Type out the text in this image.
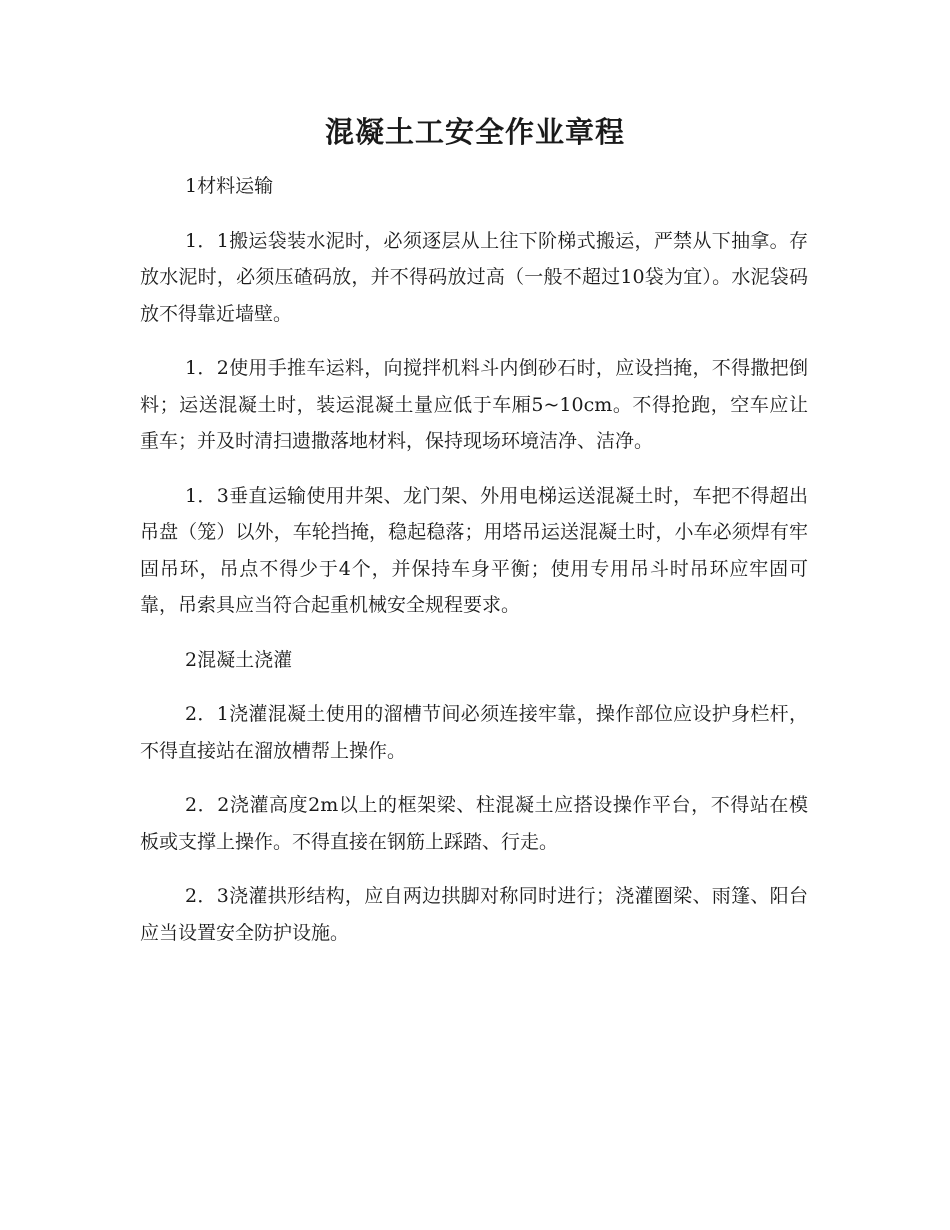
混凝土工安全作业章程

1材料运输

1．1搬运袋装水泥时，必须逐层从上往下阶梯式搬运，严禁从下抽拿。存放水泥时，必须压碴码放，并不得码放过高（一般不超过10袋为宜）。水泥袋码放不得靠近墙壁。

1．2使用手推车运料，向搅拌机料斗内倒砂石时，应设挡掩，不得撒把倒料；运送混凝土时，装运混凝土量应低于车厢5~10cm。不得抢跑，空车应让重车；并及时清扫遗撒落地材料，保持现场环境洁净、洁净。

1．3垂直运输使用井架、龙门架、外用电梯运送混凝土时，车把不得超出吊盘（笼）以外，车轮挡掩，稳起稳落；用塔吊运送混凝土时，小车必须焊有牢固吊环，吊点不得少于4个，并保持车身平衡；使用专用吊斗时吊环应牢固可靠，吊索具应当符合起重机械安全规程要求。

2混凝土浇灌

2．1浇灌混凝土使用的溜槽节间必须连接牢靠，操作部位应设护身栏杆，不得直接站在溜放槽帮上操作。

2．2浇灌高度2m以上的框架梁、柱混凝土应搭设操作平台，不得站在模板或支撑上操作。不得直接在钢筋上踩踏、行走。

2．3浇灌拱形结构，应自两边拱脚对称同时进行；浇灌圈梁、雨篷、阳台应当设置安全防护设施。
